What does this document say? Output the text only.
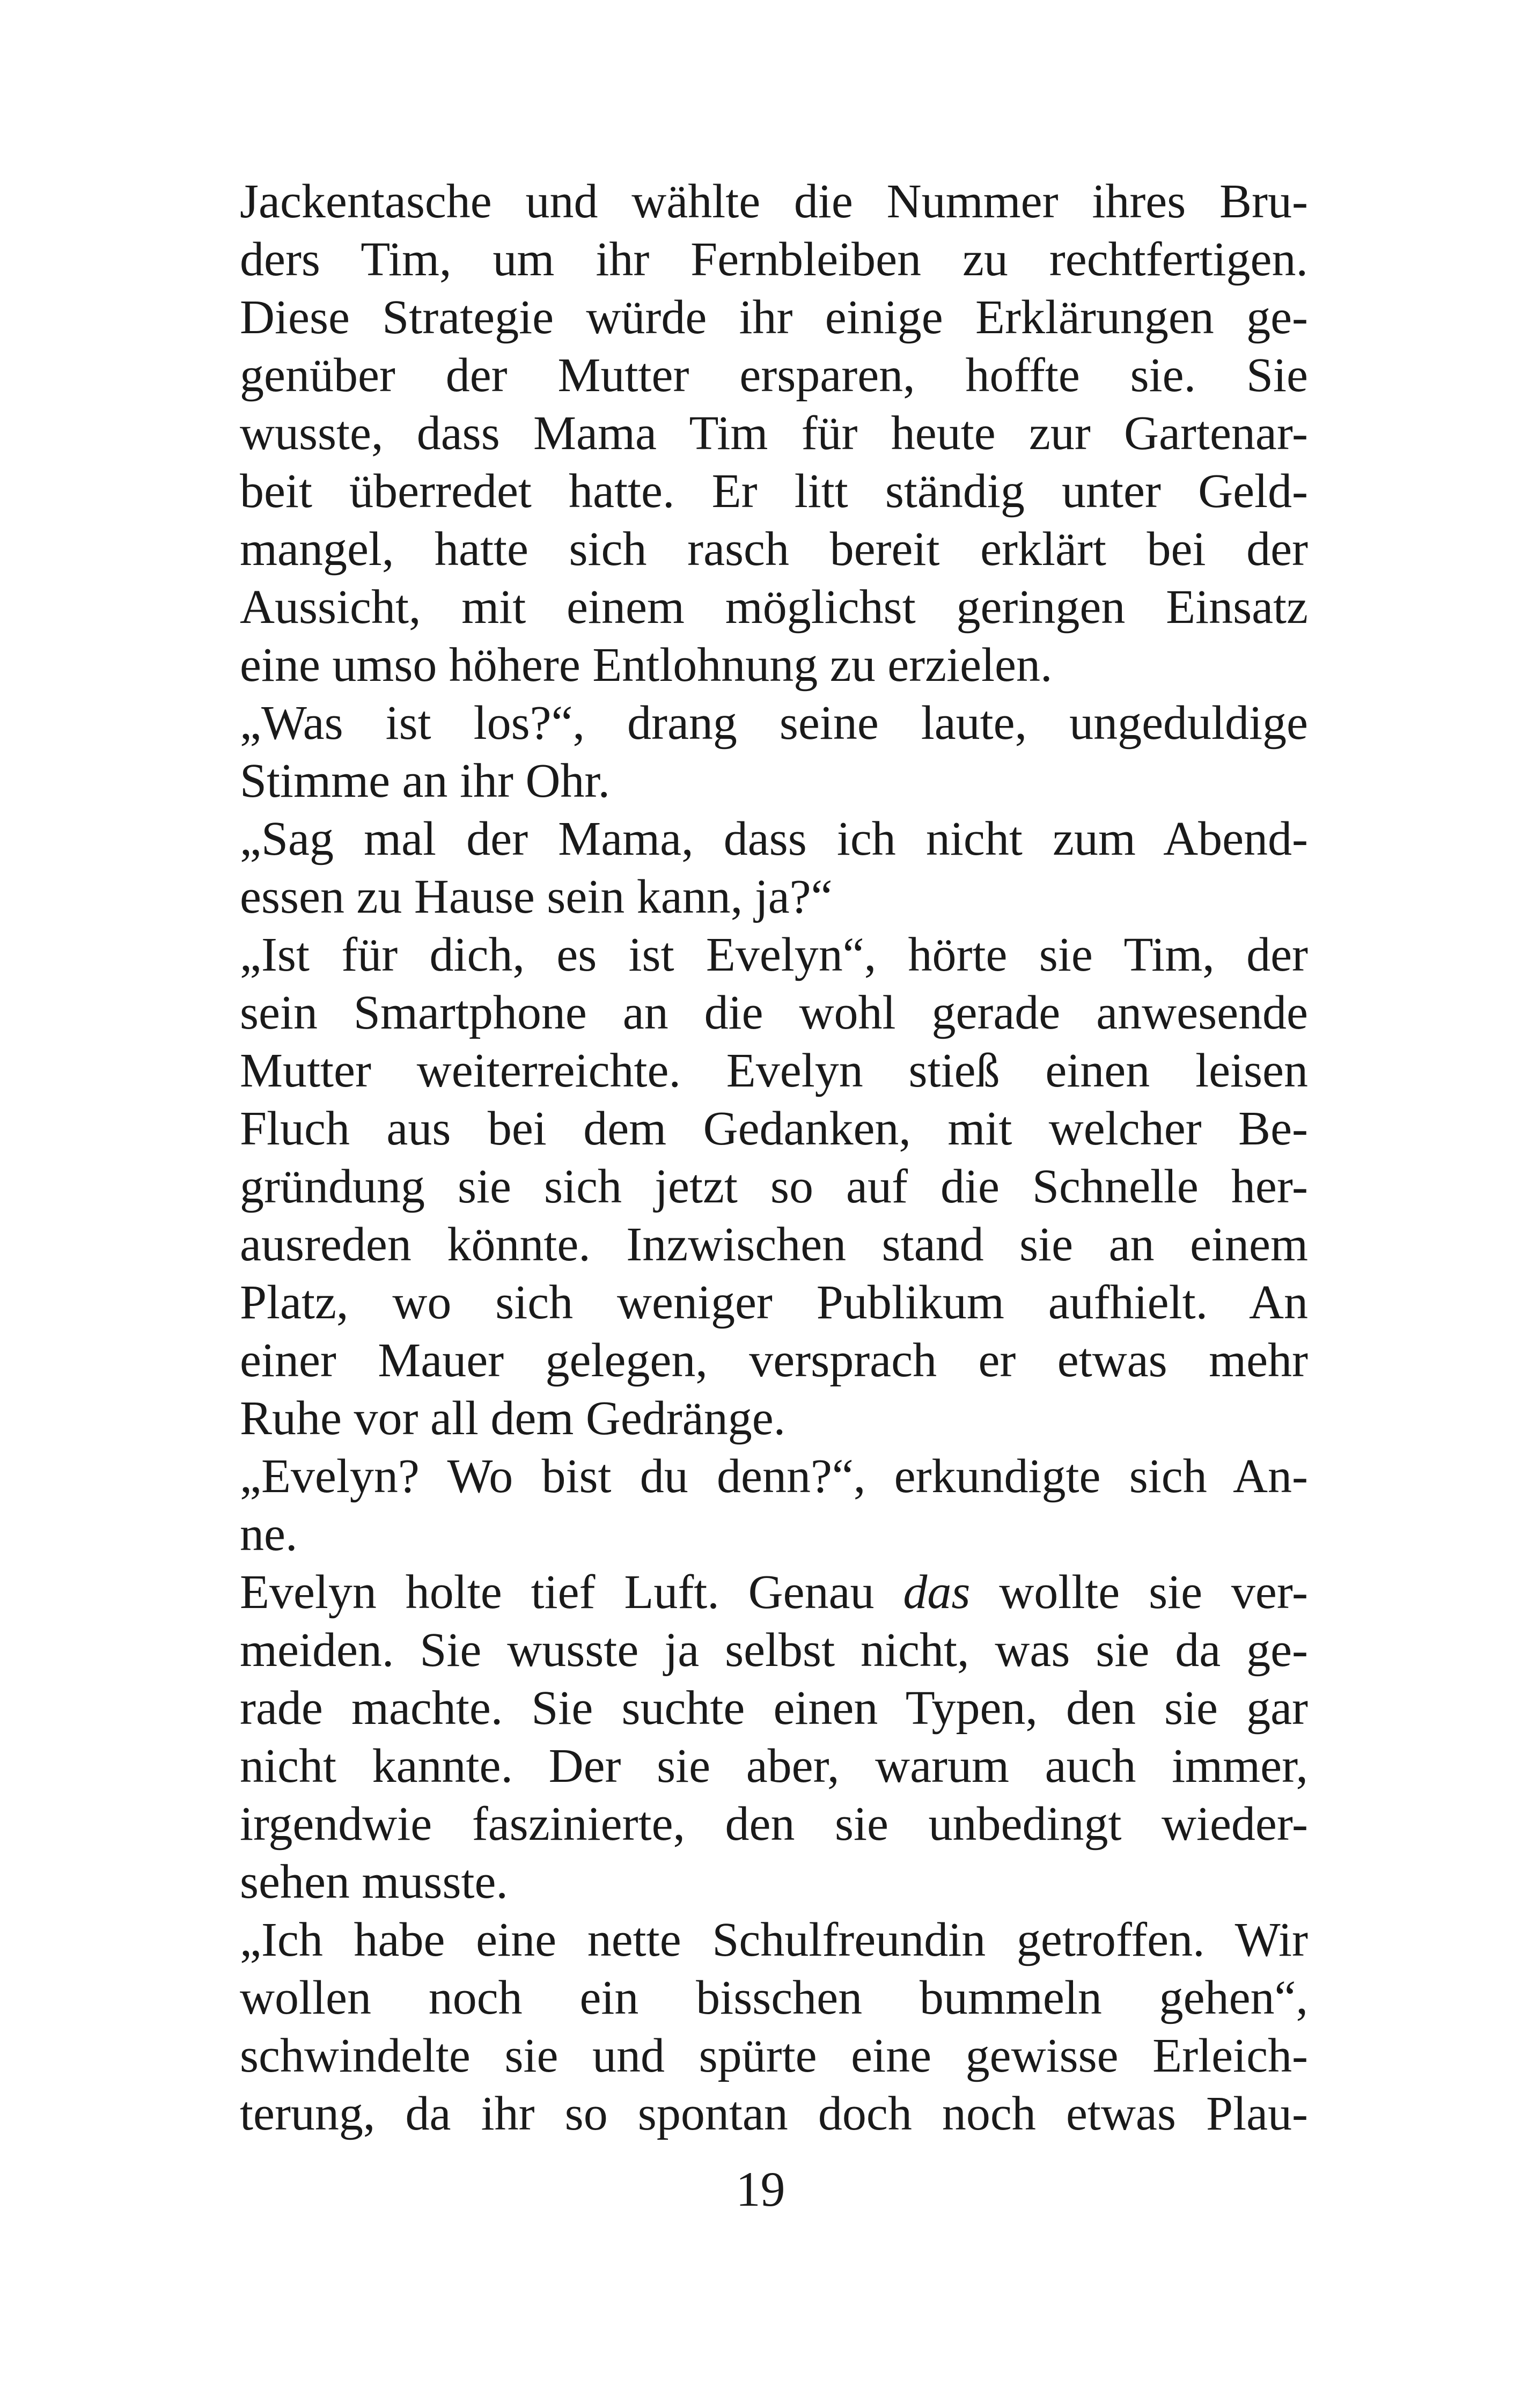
Jackentasche und wählte die Nummer ihres Bru-
ders Tim, um ihr Fernbleiben zu rechtfertigen.
Diese Strategie würde ihr einige Erklärungen ge-
genüber der Mutter ersparen, hoffte sie. Sie
wusste, dass Mama Tim für heute zur Gartenar-
beit überredet hatte. Er litt ständig unter Geld-
mangel, hatte sich rasch bereit erklärt bei der
Aussicht, mit einem möglichst geringen Einsatz
eine umso höhere Entlohnung zu erzielen.
„Was ist los?“, drang seine laute, ungeduldige
Stimme an ihr Ohr.
„Sag mal der Mama, dass ich nicht zum Abend-
essen zu Hause sein kann, ja?“
„Ist für dich, es ist Evelyn“, hörte sie Tim, der
sein Smartphone an die wohl gerade anwesende
Mutter weiterreichte. Evelyn stieß einen leisen
Fluch aus bei dem Gedanken, mit welcher Be-
gründung sie sich jetzt so auf die Schnelle her-
ausreden könnte. Inzwischen stand sie an einem
Platz, wo sich weniger Publikum aufhielt. An
einer Mauer gelegen, versprach er etwas mehr
Ruhe vor all dem Gedränge.
„Evelyn? Wo bist du denn?“, erkundigte sich An-
ne.
Evelyn holte tief Luft. Genau das wollte sie ver-
meiden. Sie wusste ja selbst nicht, was sie da ge-
rade machte. Sie suchte einen Typen, den sie gar
nicht kannte. Der sie aber, warum auch immer,
irgendwie faszinierte, den sie unbedingt wieder-
sehen musste.
„Ich habe eine nette Schulfreundin getroffen. Wir
wollen noch ein bisschen bummeln gehen“,
schwindelte sie und spürte eine gewisse Erleich-
terung, da ihr so spontan doch noch etwas Plau-
19
